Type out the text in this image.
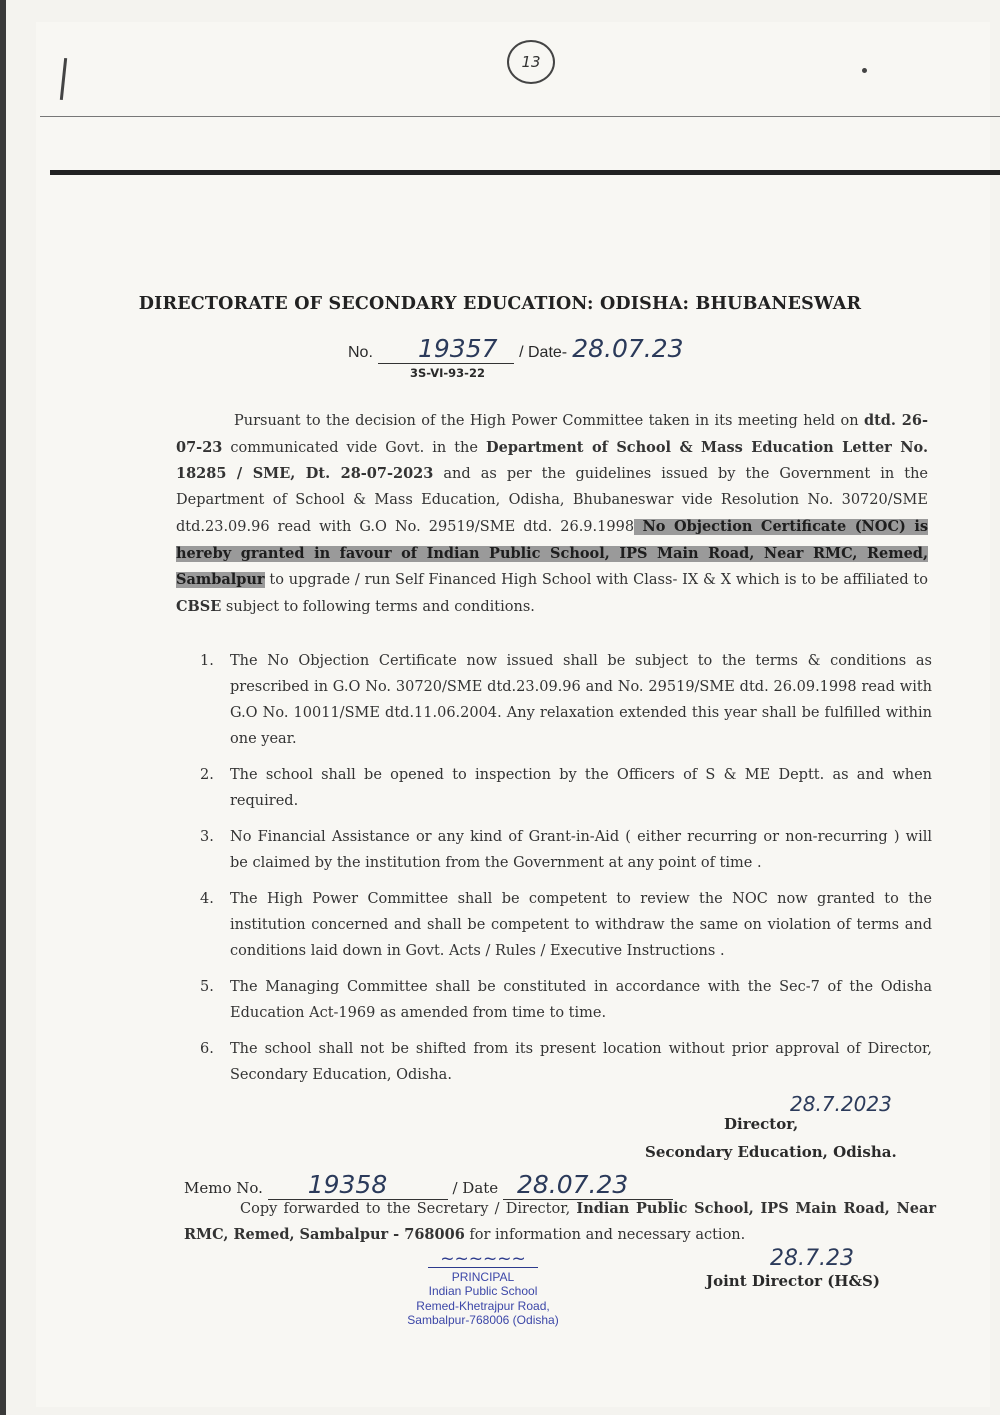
13
DIRECTORATE OF SECONDARY EDUCATION: ODISHA: BHUBANESWAR
No. 19357 / Date- 28.07.23
3S-VI-93-22

Pursuant to the decision of the High Power Committee taken in its meeting held on dtd. 26-07-23 communicated vide Govt. in the Department of School & Mass Education Letter No. 18285 / SME, Dt. 28-07-2023 and as per the guidelines issued by the Government in the Department of School & Mass Education, Odisha, Bhubaneswar vide Resolution No. 30720/SME dtd.23.09.96 read with G.O No. 29519/SME dtd. 26.9.1998 No Objection Certificate (NOC) is hereby granted in favour of Indian Public School, IPS Main Road, Near RMC, Remed, Sambalpur to upgrade / run Self Financed High School with Class- IX & X which is to be affiliated to CBSE subject to following terms and conditions.

1. The No Objection Certificate now issued shall be subject to the terms & conditions as prescribed in G.O No. 30720/SME dtd.23.09.96 and No. 29519/SME dtd. 26.09.1998 read with G.O No. 10011/SME dtd.11.06.2004. Any relaxation extended this year shall be fulfilled within one year.
2. The school shall be opened to inspection by the Officers of S & ME Deptt. as and when required.
3. No Financial Assistance or any kind of Grant-in-Aid ( either recurring or non-recurring ) will be claimed by the institution from the Government at any point of time .
4. The High Power Committee shall be competent to review the NOC now granted to the institution concerned and shall be competent to withdraw the same on violation of terms and conditions laid down in Govt. Acts / Rules / Executive Instructions .
5. The Managing Committee shall be constituted in accordance with the Sec-7 of the Odisha Education Act-1969 as amended from time to time.
6. The school shall not be shifted from its present location without prior approval of Director, Secondary Education, Odisha.
Director,
28.7.2023
Secondary Education, Odisha.
Memo No. 19358	/ Date 28.07.23

Copy forwarded to the Secretary / Director, Indian Public School, IPS Main Road, Near RMC, Remed, Sambalpur - 768006 for information and necessary action.

28.7.23
Joint Director (H&S)
~~~~~~
PRINCIPAL
Indian Public School
Remed-Khetrajpur Road,
Sambalpur-768006 (Odisha)
